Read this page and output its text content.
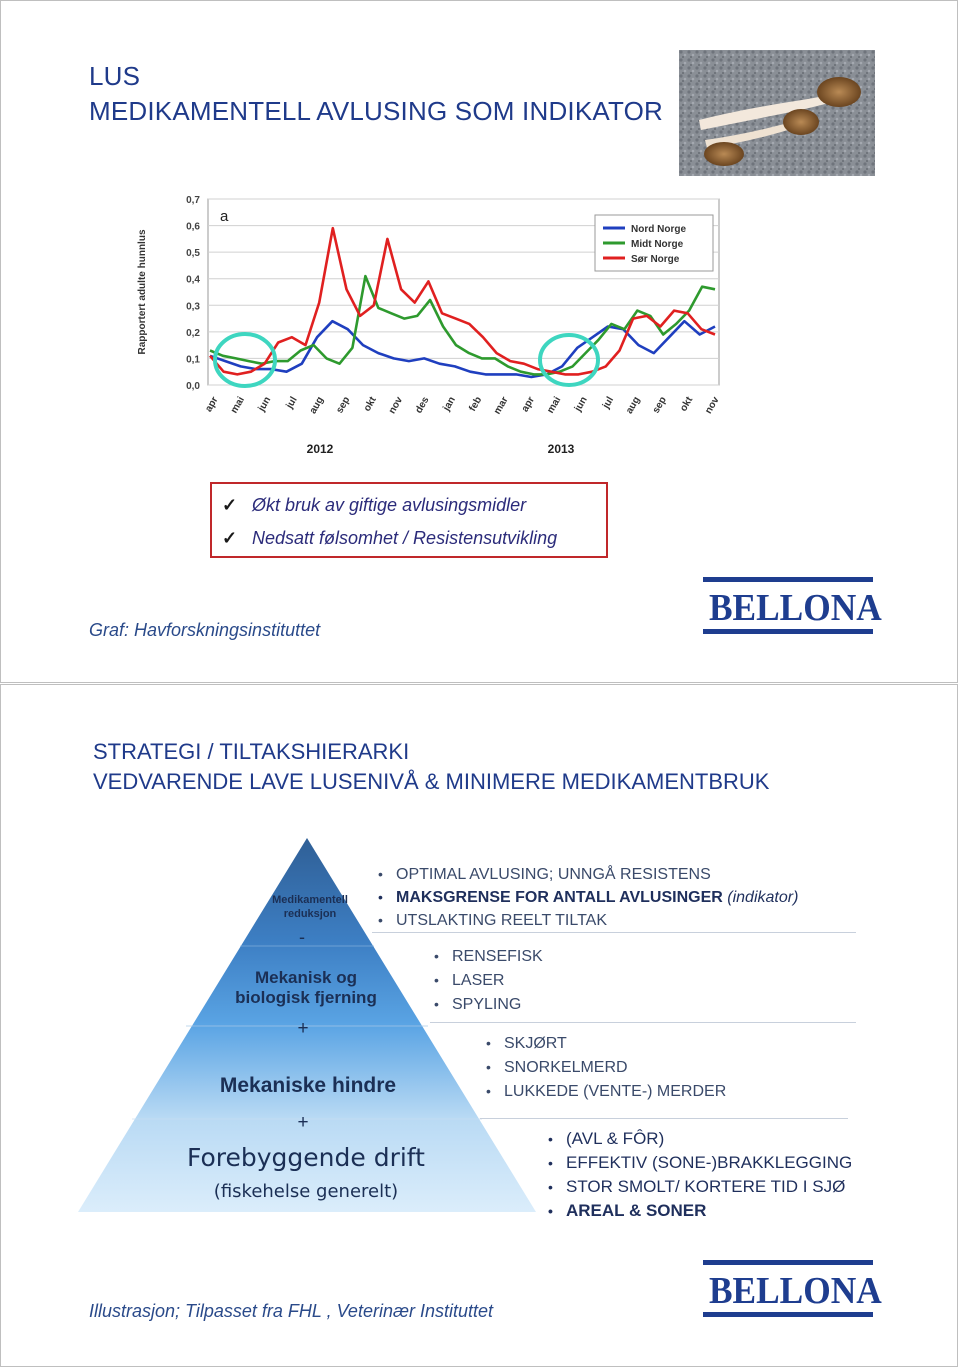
LUS
MEDIKAMENTELL AVLUSING SOM INDIKATOR
0,0
0,1
0,2
0,3
0,4
0,5
0,6
0,7
Rapportert adulte hunnlus
a
apr mai jun jul aug sep okt nov des jan feb mar apr mai jun jul aug sep okt nov
2012	2013
Nord Norge
Midt Norge
Sør Norge
✓ Økt bruk av giftige avlusingsmidler
✓ Nedsatt følsomhet / Resistensutvikling
Graf: Havforskningsinstituttet
BELLONA
STRATEGI / TILTAKSHIERARKI
VEDVARENDE LAVE LUSENIVÅ & MINIMERE MEDIKAMENTBRUK
Illustrasjon; Tilpasset fra FHL , Veterinær Instituttet	BELLONA
Medikamentell
reduksjon
-
Mekanisk og
biologisk fjerning
+
Mekaniske hindre
+
Forebyggende drift
(fiskehelse generelt)
• OPTIMAL AVLUSING; UNNGÅ RESISTENS
• MAKSGRENSE FOR ANTALL AVLUSINGER (indikator)
• UTSLAKTING REELT TILTAK
• RENSEFISK
• LASER
• SPYLING
• SKJØRT
• SNORKELMERD
• LUKKEDE (VENTE-) MERDER
• (AVL & FÔR)
• EFFEKTIV (SONE-)BRAKKLEGGING
• STOR SMOLT/ KORTERE TID I SJØ
• AREAL & SONER
